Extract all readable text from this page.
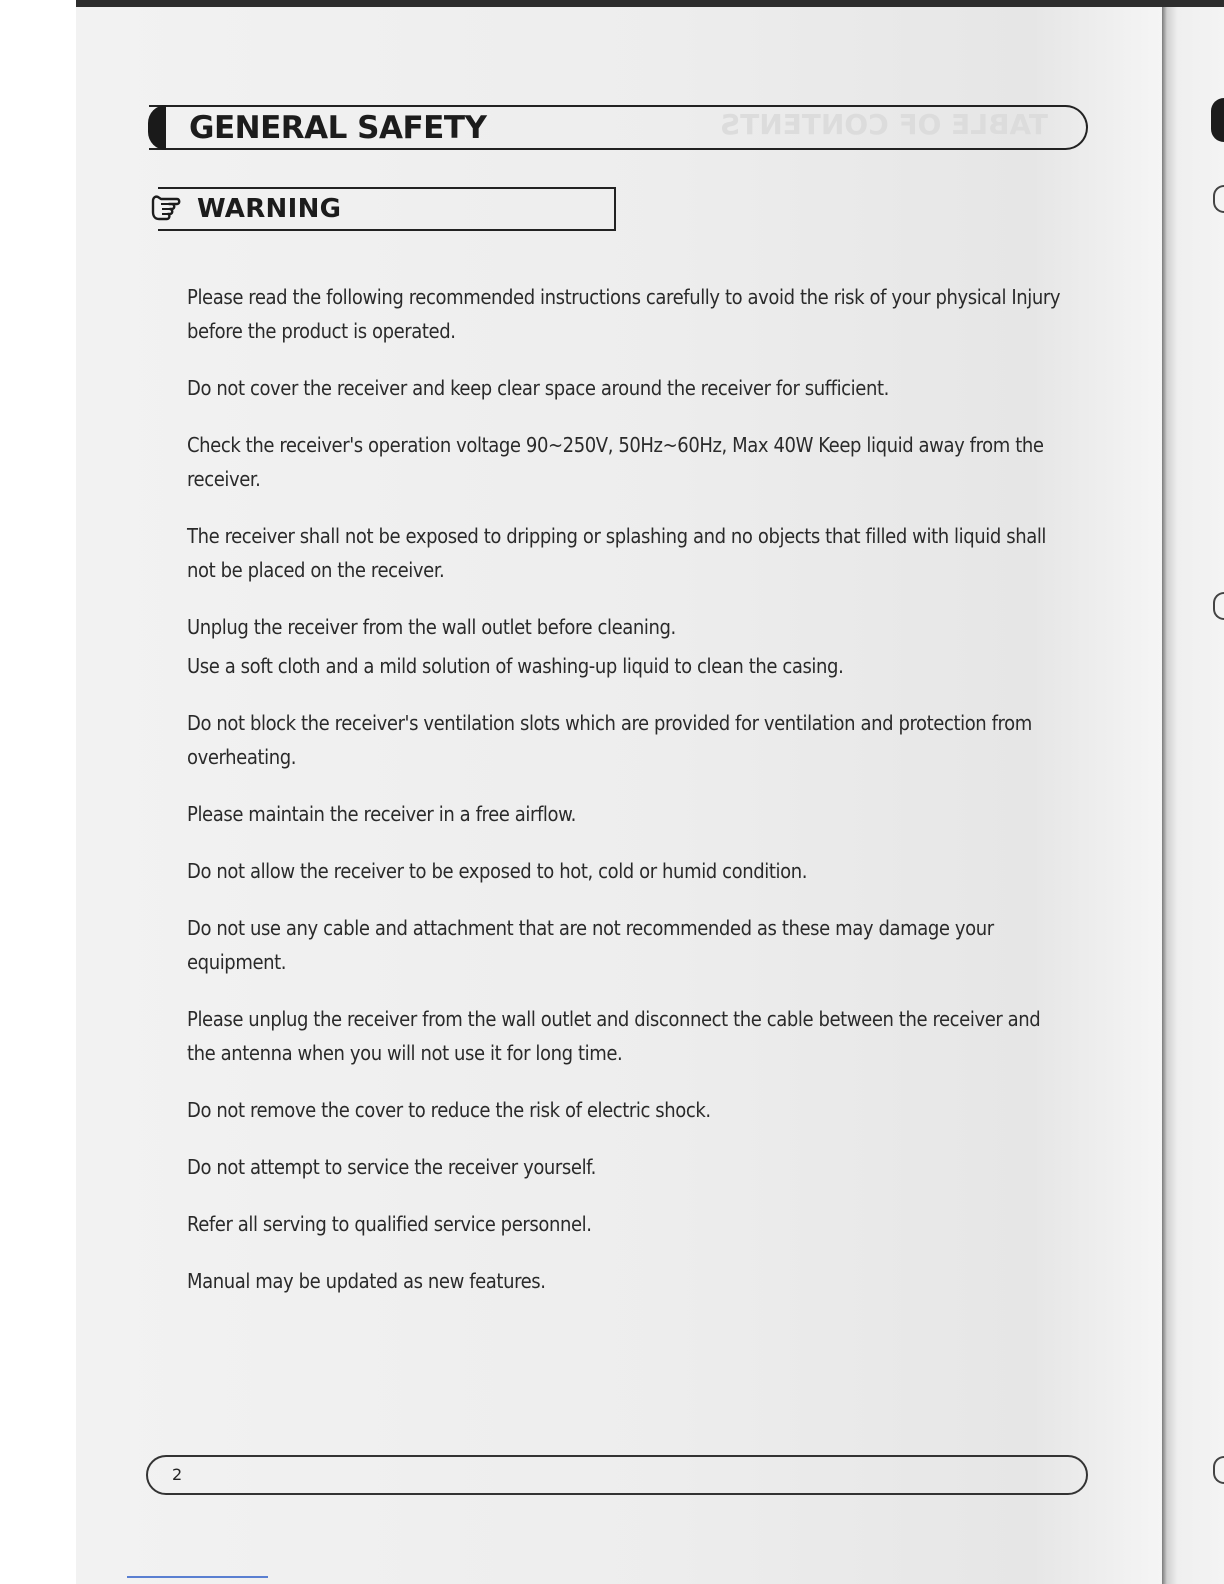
TABLE OF CONTENTS
GENERAL SAFETY
WARNING

Please read the following recommended instructions carefully to avoid the risk of your physical Injury before the product is operated.

Do not cover the receiver and keep clear space around the receiver for sufficient.

Check the receiver's operation voltage 90~250V, 50Hz~60Hz, Max 40W Keep liquid away from the receiver.

The receiver shall not be exposed to dripping or splashing and no objects that filled with liquid shall not be placed on the receiver.

Unplug the receiver from the wall outlet before cleaning.

Use a soft cloth and a mild solution of washing-up liquid to clean the casing.

Do not block the receiver's ventilation slots which are provided for ventilation and protection from overheating.

Please maintain the receiver in a free airflow.

Do not allow the receiver to be exposed to hot, cold or humid condition.

Do not use any cable and attachment that are not recommended as these may damage your equipment.

Please unplug the receiver from the wall outlet and disconnect the cable between the receiver and the antenna when you will not use it for long time.

Do not remove the cover to reduce the risk of electric shock.

Do not attempt to service the receiver yourself.

Refer all serving to qualified service personnel.

Manual may be updated as new features.

2
